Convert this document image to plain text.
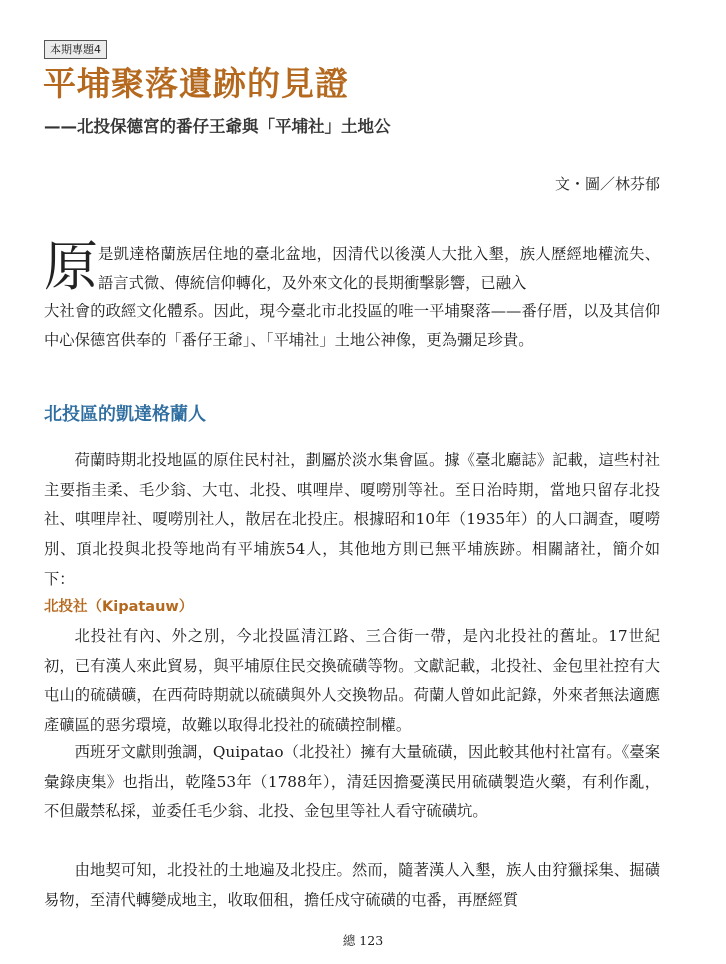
本期專題4
平埔聚落遺跡的見證
——北投保德宮的番仔王爺與「平埔社」土地公
文・圖／林芬郁
原 是凱達格蘭族居住地的臺北盆地，因清代以後漢人大批入墾，族人歷經地權流失、語言式微、傳統信仰轉化，及外來文化的長期衝擊影響，已融入

大社會的政經文化體系。因此，現今臺北市北投區的唯一平埔聚落——番仔厝，以及其信仰中心保德宮供奉的「番仔王爺」、「平埔社」土地公神像，更為彌足珍貴。

北投區的凱達格蘭人

荷蘭時期北投地區的原住民村社，劃屬於淡水集會區。據《臺北廳誌》記載，這些村社主要指圭柔、毛少翁、大屯、北投、唭哩岸、嗄嘮別等社。至日治時期，當地只留存北投社、唭哩岸社、嗄嘮別社人，散居在北投庄。根據昭和10年（1935年）的人口調查，嗄嘮別、頂北投與北投等地尚有平埔族54人，其他地方則已無平埔族跡。相關諸社，簡介如下：

北投社（Kipatauw）

北投社有內、外之別，今北投區清江路、三合街一帶，是內北投社的舊址。17世紀初，已有漢人來此貿易，與平埔原住民交換硫磺等物。文獻記載，北投社、金包里社控有大屯山的硫磺礦，在西荷時期就以硫磺與外人交換物品。荷蘭人曾如此記錄，外來者無法適應產礦區的惡劣環境，故難以取得北投社的硫磺控制權。

西班牙文獻則強調，Quipatao（北投社）擁有大量硫磺，因此較其他村社富有。《臺案彙錄庚集》也指出，乾隆53年（1788年），清廷因擔憂漢民用硫磺製造火藥，有利作亂，不但嚴禁私採，並委任毛少翁、北投、金包里等社人看守硫磺坑。

由地契可知，北投社的土地遍及北投庄。然而，隨著漢人入墾，族人由狩獵採集、掘磺易物，至清代轉變成地主，收取佃租，擔任戍守硫磺的屯番，再歷經質

總 123
